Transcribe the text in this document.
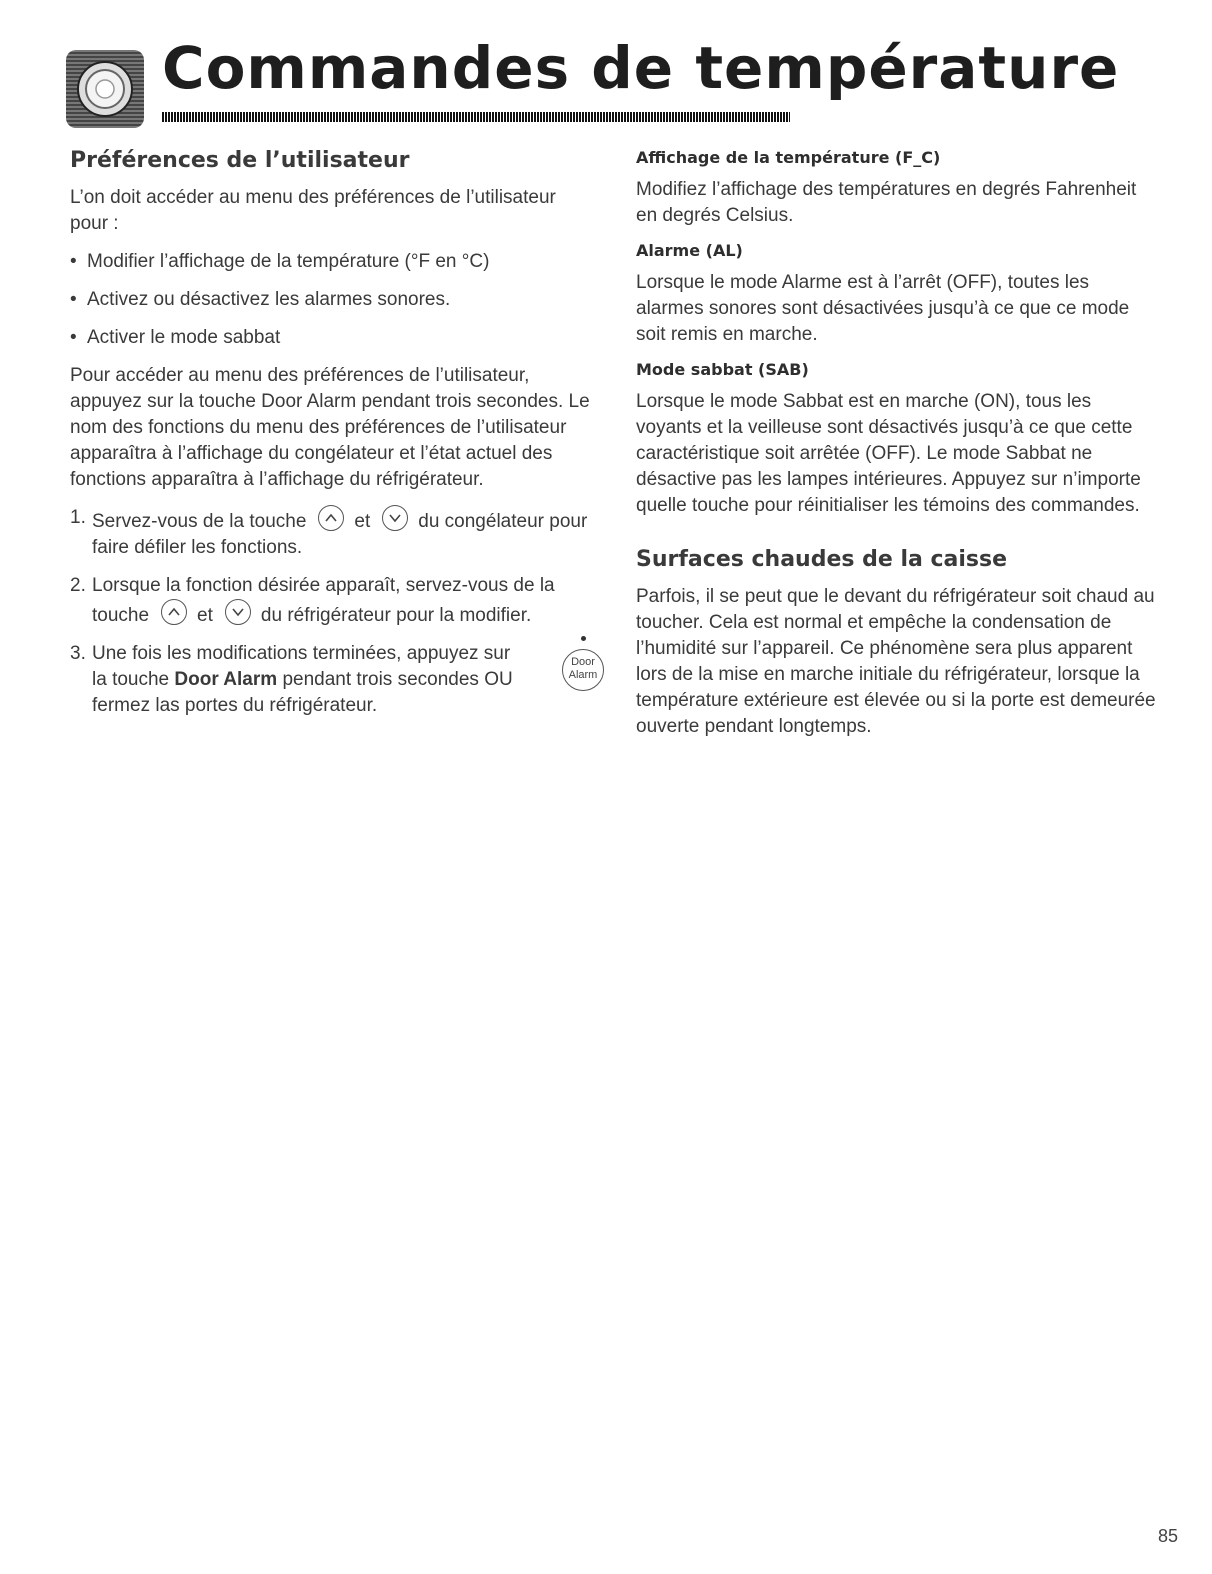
Commandes de température
Préférences de l’utilisateur

L’on doit accéder au menu des préférences de l’utilisateur pour :

• Modifier l’affichage de la température (°F en °C)
• Activez ou désactivez les alarmes sonores.
• Activer le mode sabbat

Pour accéder au menu des préférences de l’utilisateur, appuyez sur la touche Door Alarm pendant trois secondes. Le nom des fonctions du menu des préférences de l’utilisateur apparaîtra à l’affichage du congélateur et l’état actuel des fonctions apparaîtra à l’affichage du réfrigérateur.

1. Servez-vous de la touche	et	du congélateur pour faire défiler les fonctions.
2. Lorsque la fonction désirée apparaît, servez-vous de la touche	et	du réfrigérateur pour la modifier.
3. Une fois les modifications terminées, appuyez sur la touche Door Alarm pendant trois secondes OU fermez las portes du réfrigérateur.
Door
Alarm
Affichage de la température (F_C)

Modifiez l’affichage des températures en degrés Fahrenheit en degrés Celsius.

Alarme (AL)

Lorsque le mode Alarme est à l’arrêt (OFF), toutes les alarmes sonores sont désactivées jusqu’à ce que ce mode soit remis en marche.

Mode sabbat (SAB)

Lorsque le mode Sabbat est en marche (ON), tous les voyants et la veilleuse sont désactivés jusqu’à ce que cette caractéristique soit arrêtée (OFF). Le mode Sabbat ne désactive pas les lampes intérieures. Appuyez sur n’importe quelle touche pour réinitialiser les témoins des commandes.

Surfaces chaudes de la caisse

Parfois, il se peut que le devant du réfrigérateur soit chaud au toucher. Cela est normal et empêche la condensation de l’humidité sur l’appareil. Ce phénomène sera plus apparent lors de la mise en marche initiale du réfrigérateur, lorsque la température extérieure est élevée ou si la porte est demeurée ouverte pendant longtemps.

85
